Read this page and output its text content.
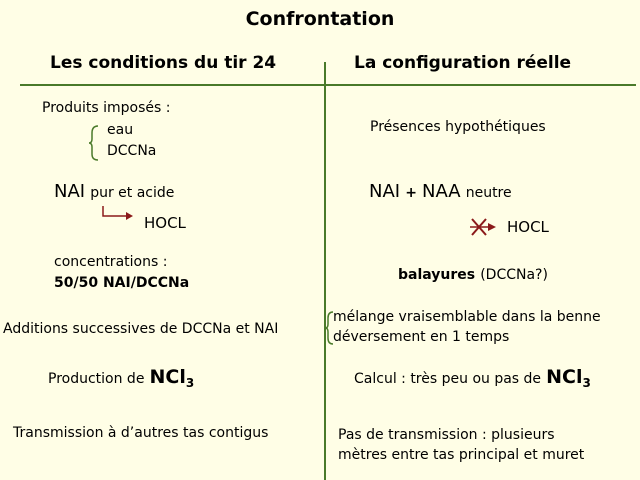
Confrontation
Les conditions du tir 24	La configuration réelle
Produits imposés :
eau
DCCNa
NAI pur et acide
HOCL
concentrations :
50/50 NAI/DCCNa
Additions successives de DCCNa et NAI
Production de NCl$_3$
Transmission à d’autres tas contigus
Présences hypothétiques
NAI + NAA neutre
HOCL
balayures (DCCNa?)
mélange vraisemblable dans la benne
déversement en 1 temps
Calcul : très peu ou pas de NCl$_3$
Pas de transmission : plusieurs
mètres entre tas principal et muret
